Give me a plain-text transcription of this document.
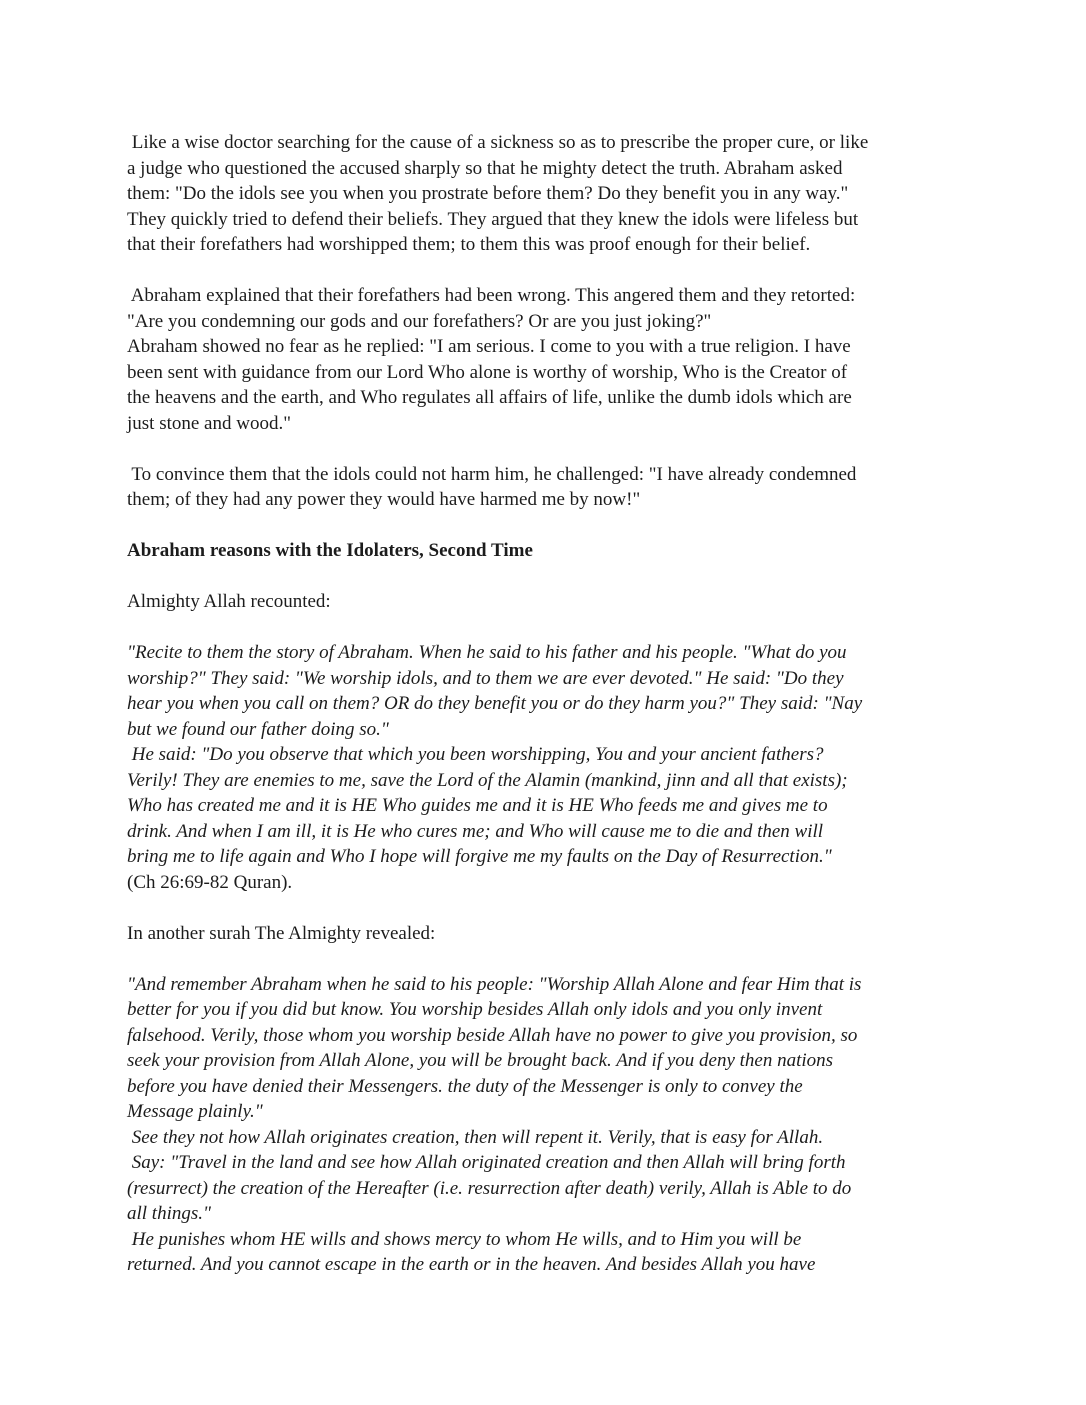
Like a wise doctor searching for the cause of a sickness so as to prescribe the proper cure, or like
a judge who questioned the accused sharply so that he mighty detect the truth. Abraham asked
them: "Do the idols see you when you prostrate before them? Do they benefit you in any way."
They quickly tried to defend their beliefs. They argued that they knew the idols were lifeless but
that their forefathers had worshipped them; to them this was proof enough for their belief.
Abraham explained that their forefathers had been wrong. This angered them and they retorted:
"Are you condemning our gods and our forefathers? Or are you just joking?"
Abraham showed no fear as he replied: "I am serious. I come to you with a true religion. I have
been sent with guidance from our Lord Who alone is worthy of worship, Who is the Creator of
the heavens and the earth, and Who regulates all affairs of life, unlike the dumb idols which are
just stone and wood."
To convince them that the idols could not harm him, he challenged: "I have already condemned
them; of they had any power they would have harmed me by now!"
Abraham reasons with the Idolaters, Second Time
Almighty Allah recounted:
"Recite to them the story of Abraham. When he said to his father and his people. "What do you
worship?" They said: "We worship idols, and to them we are ever devoted." He said: "Do they
hear you when you call on them? OR do they benefit you or do they harm you?" They said: "Nay
but we found our father doing so."
He said: "Do you observe that which you been worshipping, You and your ancient fathers?
Verily! They are enemies to me, save the Lord of the Alamin (mankind, jinn and all that exists);
Who has created me and it is HE Who guides me and it is HE Who feeds me and gives me to
drink. And when I am ill, it is He who cures me; and Who will cause me to die and then will
bring me to life again and Who I hope will forgive me my faults on the Day of Resurrection."
(Ch 26:69-82 Quran).
In another surah The Almighty revealed:
"And remember Abraham when he said to his people: "Worship Allah Alone and fear Him that is
better for you if you did but know. You worship besides Allah only idols and you only invent
falsehood. Verily, those whom you worship beside Allah have no power to give you provision, so
seek your provision from Allah Alone, you will be brought back. And if you deny then nations
before you have denied their Messengers. the duty of the Messenger is only to convey the
Message plainly."
See they not how Allah originates creation, then will repent it. Verily, that is easy for Allah.
Say: "Travel in the land and see how Allah originated creation and then Allah will bring forth
(resurrect) the creation of the Hereafter (i.e. resurrection after death) verily, Allah is Able to do
all things."
He punishes whom HE wills and shows mercy to whom He wills, and to Him you will be
returned. And you cannot escape in the earth or in the heaven. And besides Allah you have
